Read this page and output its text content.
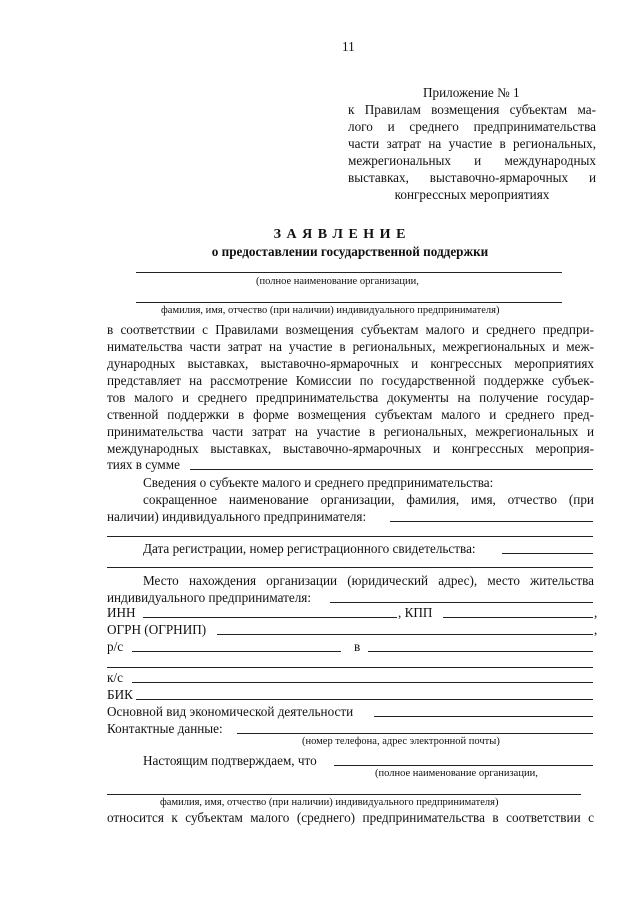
11
Приложение № 1
к Правилам возмещения субъектам ма-
лого и среднего предпринимательства
части затрат на участие в региональных,
межрегиональных и международных
выставках, выставочно-ярмарочных и
конгрессных мероприятиях
З А Я В Л Е Н И Е
о предоставлении государственной поддержки
(полное наименование организации,
фамилия, имя, отчество (при наличии) индивидуального предпринимателя)
в соответствии с Правилами возмещения субъектам малого и среднего предпри-
нимательства части затрат на участие в региональных, межрегиональных и меж-
дународных выставках, выставочно-ярмарочных и конгрессных мероприятиях
представляет на рассмотрение Комиссии по государственной поддержке субъек-
тов малого и среднего предпринимательства документы на получение государ-
ственной поддержки в форме возмещения субъектам малого и среднего пред-
принимательства части затрат на участие в региональных, межрегиональных и
международных выставках, выставочно-ярмарочных и конгрессных мероприя-
тиях в сумме
Сведения о субъекте малого и среднего предпринимательства:
сокращенное наименование организации, фамилия, имя, отчество (при
наличии) индивидуального предпринимателя:
Дата регистрации, номер регистрационного свидетельства:
Место нахождения организации (юридический адрес), место жительства
индивидуального предпринимателя:
ИНН	, КПП	,
ОГРН (ОГРНИП)	,
р/с	в
к/с
БИК
Основной вид экономической деятельности
Контактные данные:
(номер телефона, адрес электронной почты)
Настоящим подтверждаем, что
(полное наименование организации,
фамилия, имя, отчество (при наличии) индивидуального предпринимателя)
относится к субъектам малого (среднего) предпринимательства в соответствии с
